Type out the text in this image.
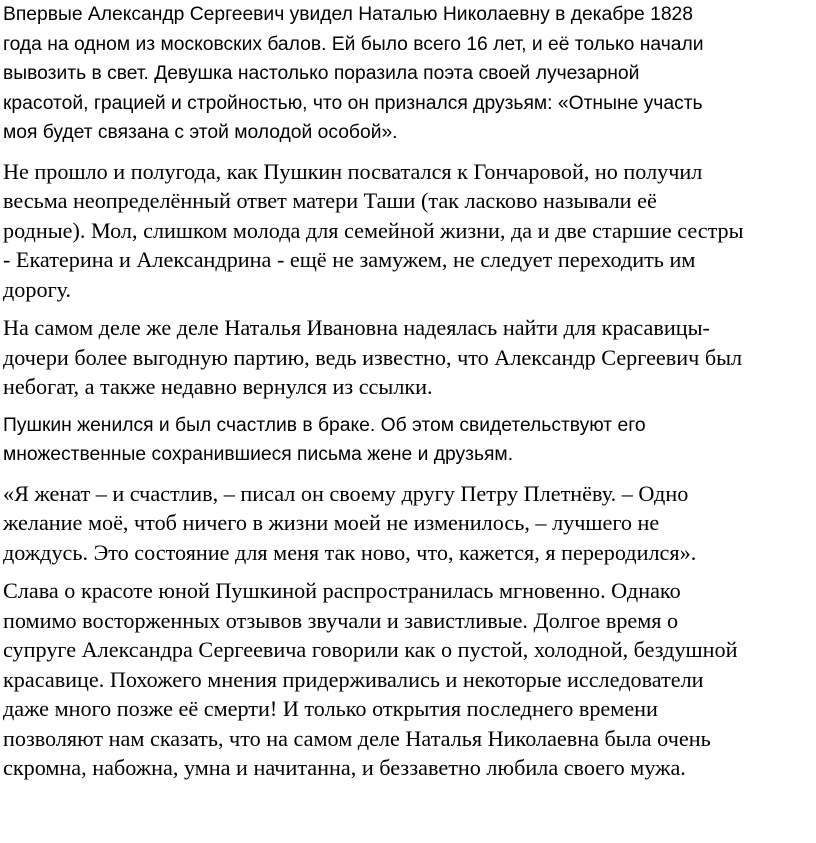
Впервые Александр Сергеевич увидел Наталью Николаевну в декабре 1828
года на одном из московских балов. Ей было всего 16 лет, и её только начали
вывозить в свет. Девушка настолько поразила поэта своей лучезарной
красотой, грацией и стройностью, что он признался друзьям: «Отныне участь
моя будет связана с этой молодой особой».
Не прошло и полугода, как Пушкин посватался к Гончаровой, но получил
весьма неопределённый ответ матери Таши (так ласково называли её
родные). Мол, слишком молода для семейной жизни, да и две старшие сестры
- Екатерина и Александрина - ещё не замужем, не следует переходить им
дорогу.
На самом деле же деле Наталья Ивановна надеялась найти для красавицы-
дочери более выгодную партию, ведь известно, что Александр Сергеевич был
небогат, а также недавно вернулся из ссылки.
Пушкин женился и был счастлив в браке. Об этом свидетельствуют его
множественные сохранившиеся письма жене и друзьям.
«Я женат – и счастлив, – писал он своему другу Петру Плетнёву. – Одно
желание моё, чтоб ничего в жизни моей не изменилось, – лучшего не
дождусь. Это состояние для меня так ново, что, кажется, я переродился».
Слава о красоте юной Пушкиной распространилась мгновенно. Однако
помимо восторженных отзывов звучали и завистливые. Долгое время о
супруге Александра Сергеевича говорили как о пустой, холодной, бездушной
красавице. Похожего мнения придерживались и некоторые исследователи
даже много позже её смерти! И только открытия последнего времени
позволяют нам сказать, что на самом деле Наталья Николаевна была очень
скромна, набожна, умна и начитанна, и беззаветно любила своего мужа.
